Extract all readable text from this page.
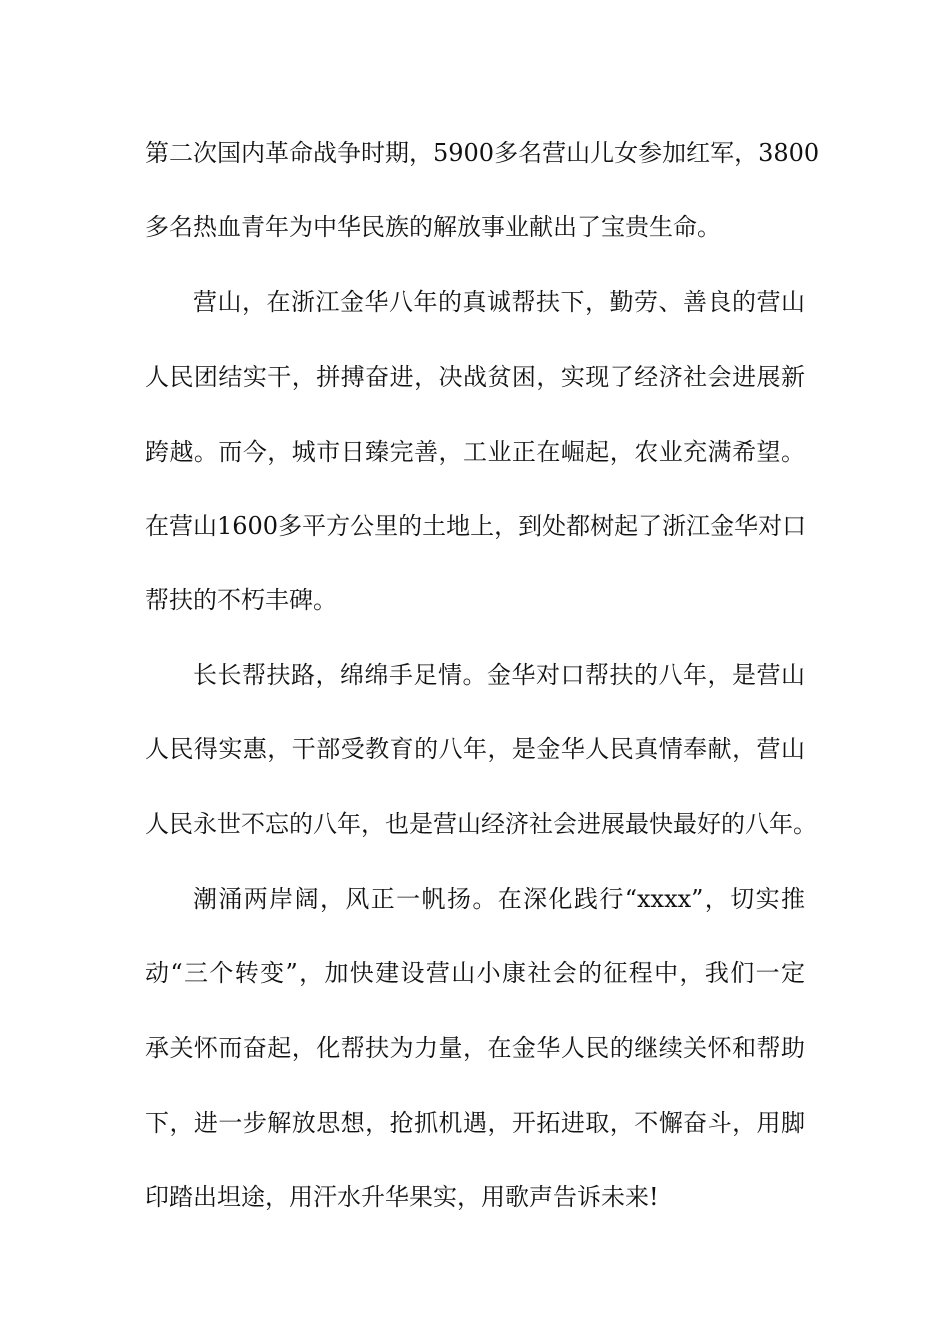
第二次国内革命战争时期，5900多名营山儿女参加红军，3800
多名热血青年为中华民族的解放事业献出了宝贵生命。
营山，在浙江金华八年的真诚帮扶下，勤劳、善良的营山
人民团结实干，拼搏奋进，决战贫困，实现了经济社会进展新
跨越。而今，城市日臻完善，工业正在崛起，农业充满希望。
在营山1600多平方公里的土地上，到处都树起了浙江金华对口
帮扶的不朽丰碑。
长长帮扶路，绵绵手足情。金华对口帮扶的八年，是营山
人民得实惠，干部受教育的八年，是金华人民真情奉献，营山
人民永世不忘的八年，也是营山经济社会进展最快最好的八年。
潮涌两岸阔，风正一帆扬。在深化践行“xxxx”，切实推
动“三个转变”，加快建设营山小康社会的征程中，我们一定
承关怀而奋起，化帮扶为力量，在金华人民的继续关怀和帮助
下，进一步解放思想，抢抓机遇，开拓进取，不懈奋斗，用脚
印踏出坦途，用汗水升华果实，用歌声告诉未来!
